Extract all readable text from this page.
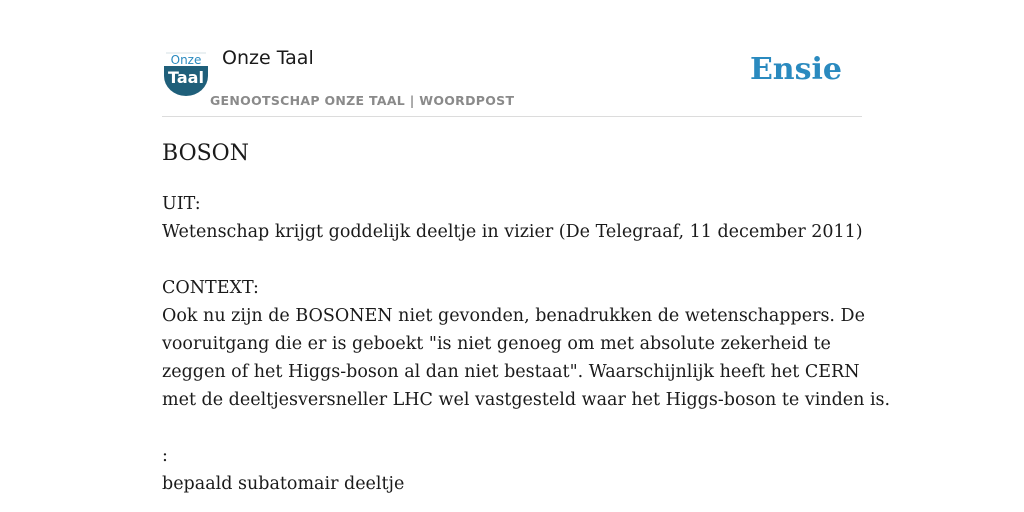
Onze
Taal
Onze Taal
GENOOTSCHAP ONZE TAAL | WOORDPOST
Ensie
BOSON
UIT:
Wetenschap krijgt goddelijk deeltje in vizier (De Telegraaf, 11 december 2011)
CONTEXT:
Ook nu zijn de BOSONEN niet gevonden, benadrukken de wetenschappers. De
vooruitgang die er is geboekt "is niet genoeg om met absolute zekerheid te
zeggen of het Higgs-boson al dan niet bestaat". Waarschijnlijk heeft het CERN
met de deeltjesversneller LHC wel vastgesteld waar het Higgs-boson te vinden is.
:
bepaald subatomair deeltje
